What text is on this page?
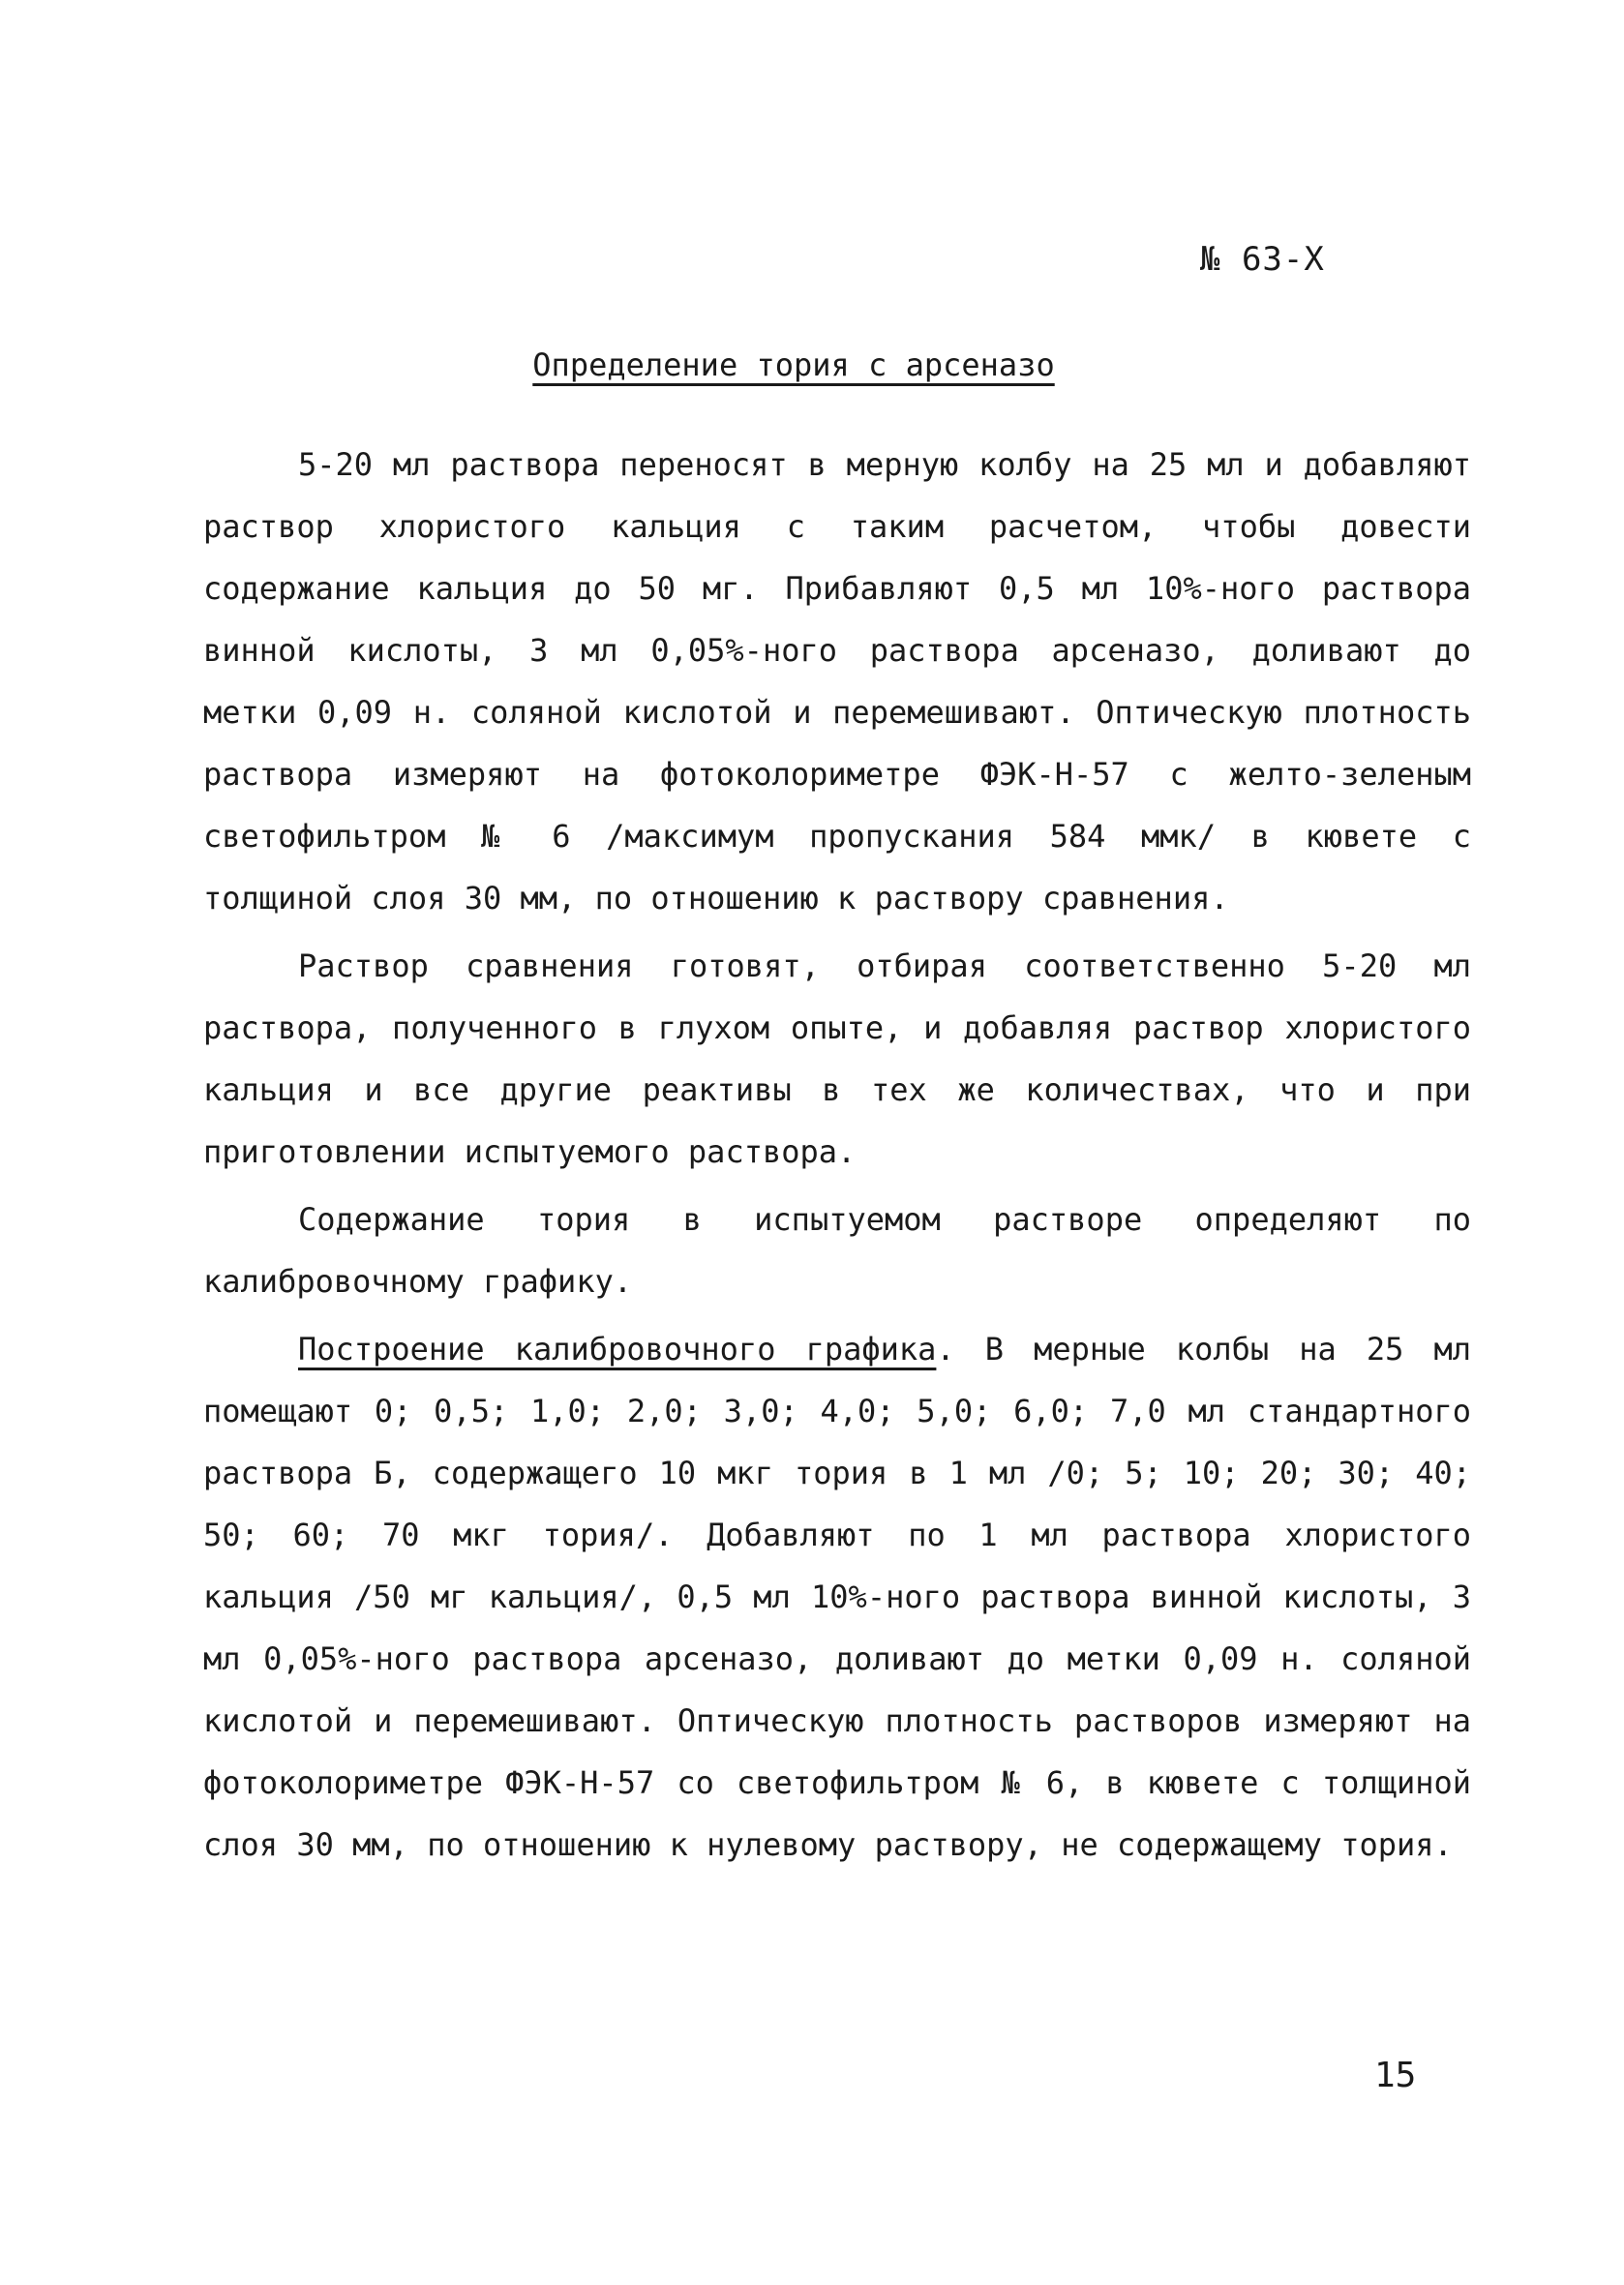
№ 63-Х
Определение тория с арсеназо

5-20 мл раствора переносят в мерную колбу на 25 мл и добавляют раствор хлористого кальция с таким расчетом, чтобы довести содержание кальция до 50 мг. Прибавляют 0,5 мл 10%-ного раствора винной кислоты, 3 мл 0,05%-ного раствора арсеназо, доливают до метки 0,09 н. соляной кислотой и перемешивают. Оптическую плотность раствора измеряют на фотоколориметре ФЭК-Н-57 с желто-зеленым светофильтром № 6 /максимум пропускания 584 ммк/ в кювете с толщиной слоя 30 мм, по отношению к раствору сравнения.

Раствор сравнения готовят, отбирая соответственно 5-20 мл раствора, полученного в глухом опыте, и добавляя раствор хлористого кальция и все другие реактивы в тех же количествах, что и при приготовлении испытуемого раствора.

Содержание тория в испытуемом растворе определяют по калибровочному графику.

Построение калибровочного графика. В мерные колбы на 25 мл помещают 0; 0,5; 1,0; 2,0; 3,0; 4,0; 5,0; 6,0; 7,0 мл стандартного раствора Б, содержащего 10 мкг тория в 1 мл /0; 5; 10; 20; 30; 40; 50; 60; 70 мкг тория/. Добавляют по 1 мл раствора хлористого кальция /50 мг кальция/, 0,5 мл 10%-ного раствора винной кислоты, 3 мл 0,05%-ного раствора арсеназо, доливают до метки 0,09 н. соляной кислотой и перемешивают. Оптическую плотность растворов измеряют на фотоколориметре ФЭК-Н-57 со светофильтром № 6, в кювете с толщиной слоя 30 мм, по отношению к нулевому раствору, не содержащему тория.

15
